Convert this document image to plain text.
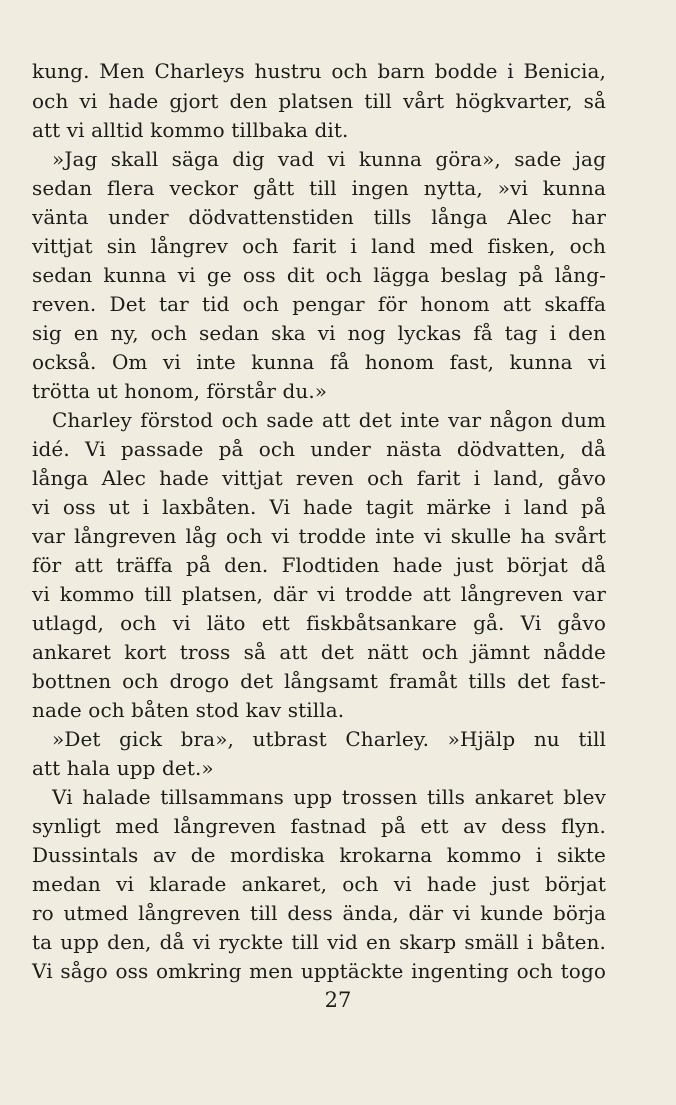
kung. Men Charleys hustru och barn bodde i Benicia,
och vi hade gjort den platsen till vårt högkvarter, så
att vi alltid kommo tillbaka dit.
»Jag skall säga dig vad vi kunna göra», sade jag
sedan flera veckor gått till ingen nytta, »vi kunna
vänta under dödvattenstiden tills långa Alec har
vittjat sin långrev och farit i land med fisken, och
sedan kunna vi ge oss dit och lägga beslag på lång-
reven. Det tar tid och pengar för honom att skaffa
sig en ny, och sedan ska vi nog lyckas få tag i den
också. Om vi inte kunna få honom fast, kunna vi
trötta ut honom, förstår du.»
Charley förstod och sade att det inte var någon dum
idé. Vi passade på och under nästa dödvatten, då
långa Alec hade vittjat reven och farit i land, gåvo
vi oss ut i laxbåten. Vi hade tagit märke i land på
var långreven låg och vi trodde inte vi skulle ha svårt
för att träffa på den. Flodtiden hade just börjat då
vi kommo till platsen, där vi trodde att långreven var
utlagd, och vi läto ett fiskbåtsankare gå. Vi gåvo
ankaret kort tross så att det nätt och jämnt nådde
bottnen och drogo det långsamt framåt tills det fast-
nade och båten stod kav stilla.
»Det gick bra», utbrast Charley. »Hjälp nu till
att hala upp det.»
Vi halade tillsammans upp trossen tills ankaret blev
synligt med långreven fastnad på ett av dess flyn.
Dussintals av de mordiska krokarna kommo i sikte
medan vi klarade ankaret, och vi hade just börjat
ro utmed långreven till dess ända, där vi kunde börja
ta upp den, då vi ryckte till vid en skarp smäll i båten.
Vi sågo oss omkring men upptäckte ingenting och togo
27
